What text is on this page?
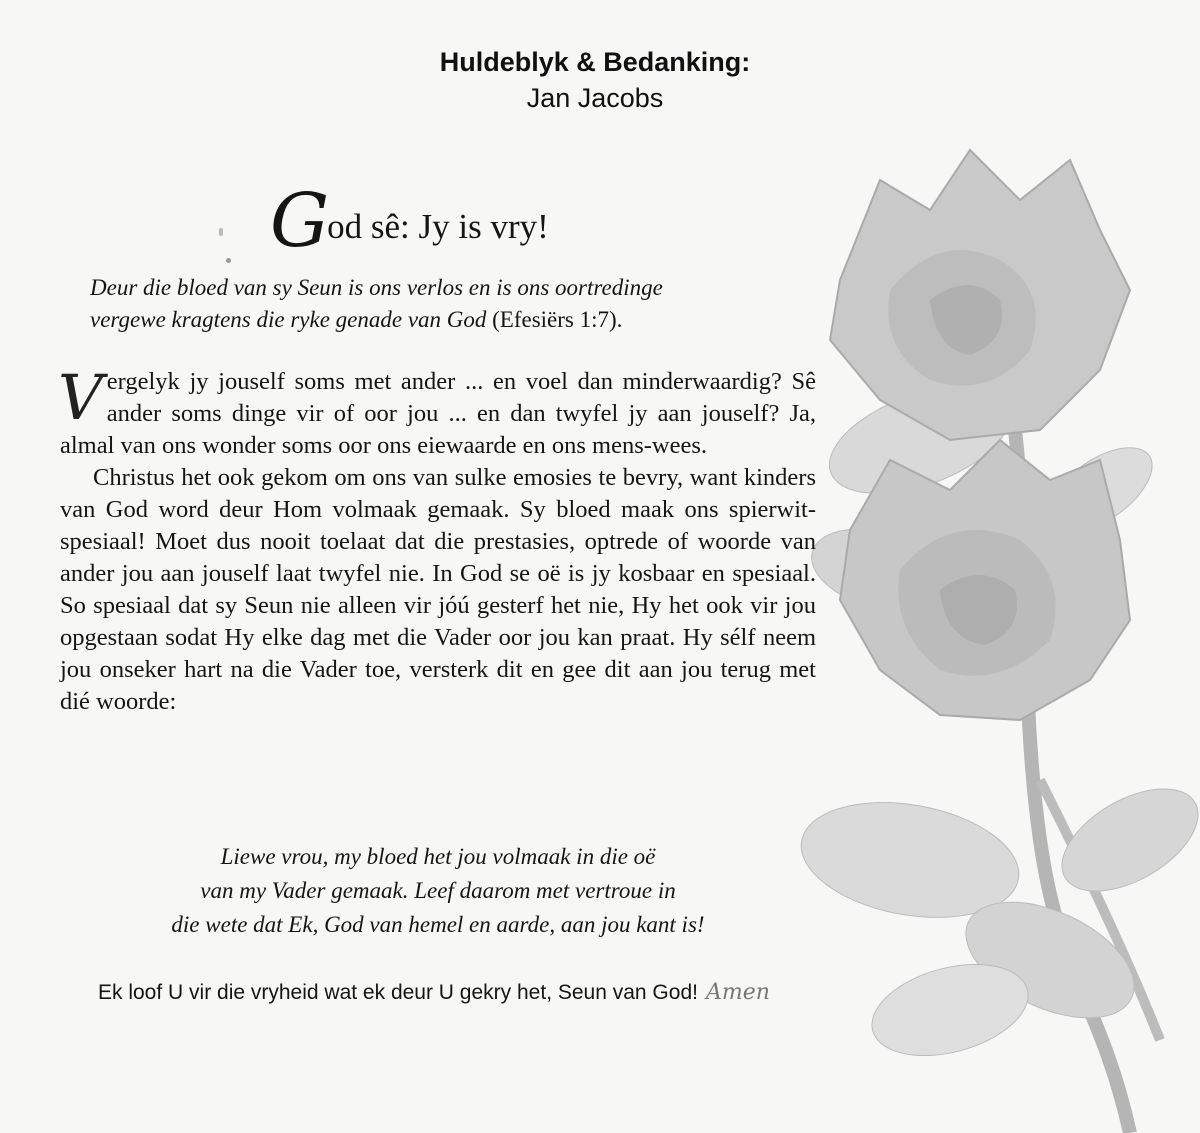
Huldeblyk & Bedanking:
Jan Jacobs
God sê: Jy is vry!
Deur die bloed van sy Seun is ons verlos en is ons oortredinge
vergewe kragtens die ryke genade van God (Efesiërs 1:7).

Vergelyk jy jouself soms met ander ... en voel dan minderwaardig? Sê ander soms dinge vir of oor jou ... en dan twyfel jy aan jouself? Ja, almal van ons wonder soms oor ons eiewaarde en ons mens-wees.

Christus het ook gekom om ons van sulke emosies te bevry, want kinders van God word deur Hom volmaak gemaak. Sy bloed maak ons spierwit-spesiaal! Moet dus nooit toelaat dat die prestasies, optrede of woorde van ander jou aan jouself laat twyfel nie. In God se oë is jy kosbaar en spesiaal. So spesiaal dat sy Seun nie alleen vir jóú gesterf het nie, Hy het ook vir jou opgestaan sodat Hy elke dag met die Vader oor jou kan praat. Hy sélf neem jou onseker hart na die Vader toe, versterk dit en gee dit aan jou terug met dié woorde:

Liewe vrou, my bloed het jou volmaak in die oë
van my Vader gemaak. Leef daarom met vertroue in
die wete dat Ek, God van hemel en aarde, aan jou kant is!
Ek loof U vir die vryheid wat ek deur U gekry het, Seun van God! Amen
